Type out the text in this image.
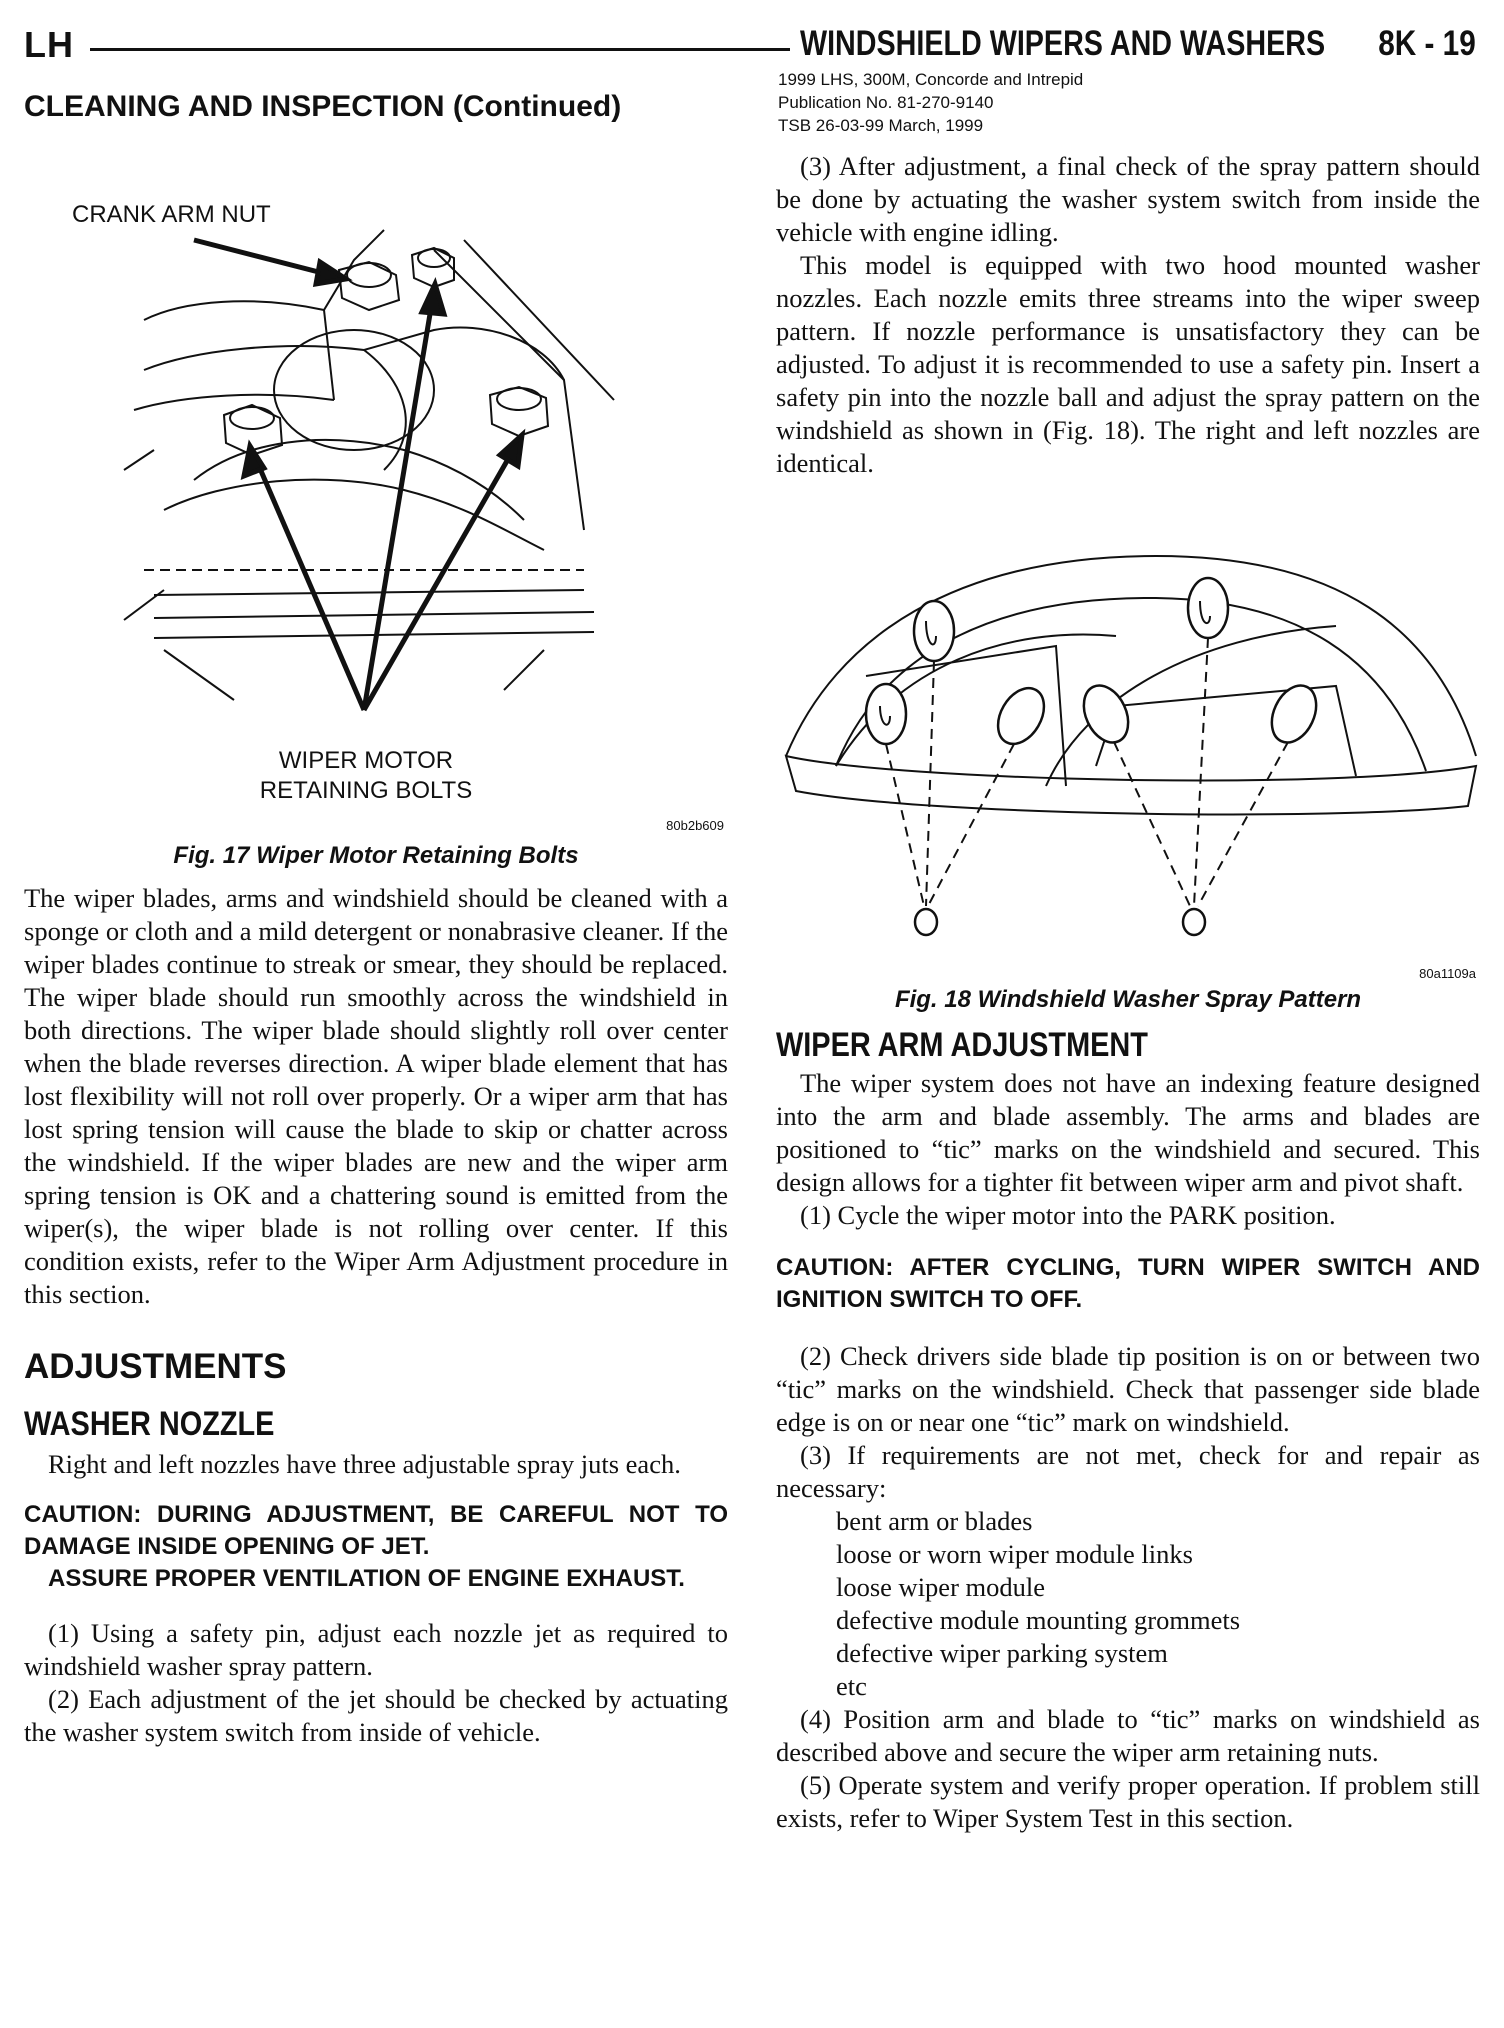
LH	WINDSHIELD WIPERS AND WASHERS 8K - 19
1999 LHS, 300M, Concorde and Intrepid
Publication No. 81-270-9140
TSB 26-03-99 March, 1999
CLEANING AND INSPECTION (Continued)
CRANK ARM NUT
WIPER MOTOR
RETAINING BOLTS
80b2b609
Fig. 17 Wiper Motor Retaining Bolts

The wiper blades, arms and windshield should be cleaned with a sponge or cloth and a mild detergent or nonabrasive cleaner. If the wiper blades continue to streak or smear, they should be replaced. The wiper blade should run smoothly across the windshield in both directions. The wiper blade should slightly roll over center when the blade reverses direction. A wiper blade element that has lost flexibility will not roll over properly. Or a wiper arm that has lost spring tension will cause the blade to skip or chatter across the windshield. If the wiper blades are new and the wiper arm spring tension is OK and a chattering sound is emitted from the wiper(s), the wiper blade is not rolling over center. If this condition exists, refer to the Wiper Arm Adjustment procedure in this section.

ADJUSTMENTS
WASHER NOZZLE

Right and left nozzles have three adjustable spray juts each.

CAUTION: DURING ADJUSTMENT, BE CAREFUL NOT TO DAMAGE INSIDE OPENING OF JET.

ASSURE PROPER VENTILATION OF ENGINE EXHAUST.

(1) Using a safety pin, adjust each nozzle jet as required to windshield washer spray pattern.

(2) Each adjustment of the jet should be checked by actuating the washer system switch from inside of vehicle.

(3) After adjustment, a final check of the spray pattern should be done by actuating the washer system switch from inside the vehicle with engine idling.

This model is equipped with two hood mounted washer nozzles. Each nozzle emits three streams into the wiper sweep pattern. If nozzle performance is unsatisfactory they can be adjusted. To adjust it is recommended to use a safety pin. Insert a safety pin into the nozzle ball and adjust the spray pattern on the windshield as shown in (Fig. 18). The right and left nozzles are identical.

80a1109a
Fig. 18 Windshield Washer Spray Pattern
WIPER ARM ADJUSTMENT

The wiper system does not have an indexing feature designed into the arm and blade assembly. The arms and blades are positioned to “tic” marks on the windshield and secured. This design allows for a tighter fit between wiper arm and pivot shaft.

(1) Cycle the wiper motor into the PARK position.

CAUTION: AFTER CYCLING, TURN WIPER SWITCH AND IGNITION SWITCH TO OFF.

(2) Check drivers side blade tip position is on or between two “tic” marks on the windshield. Check that passenger side blade edge is on or near one “tic” mark on windshield.

(3) If requirements are not met, check for and repair as necessary:

bent arm or blades
loose or worn wiper module links
loose wiper module
defective module mounting grommets
defective wiper parking system
etc

(4) Position arm and blade to “tic” marks on windshield as described above and secure the wiper arm retaining nuts.

(5) Operate system and verify proper operation. If problem still exists, refer to Wiper System Test in this section.
